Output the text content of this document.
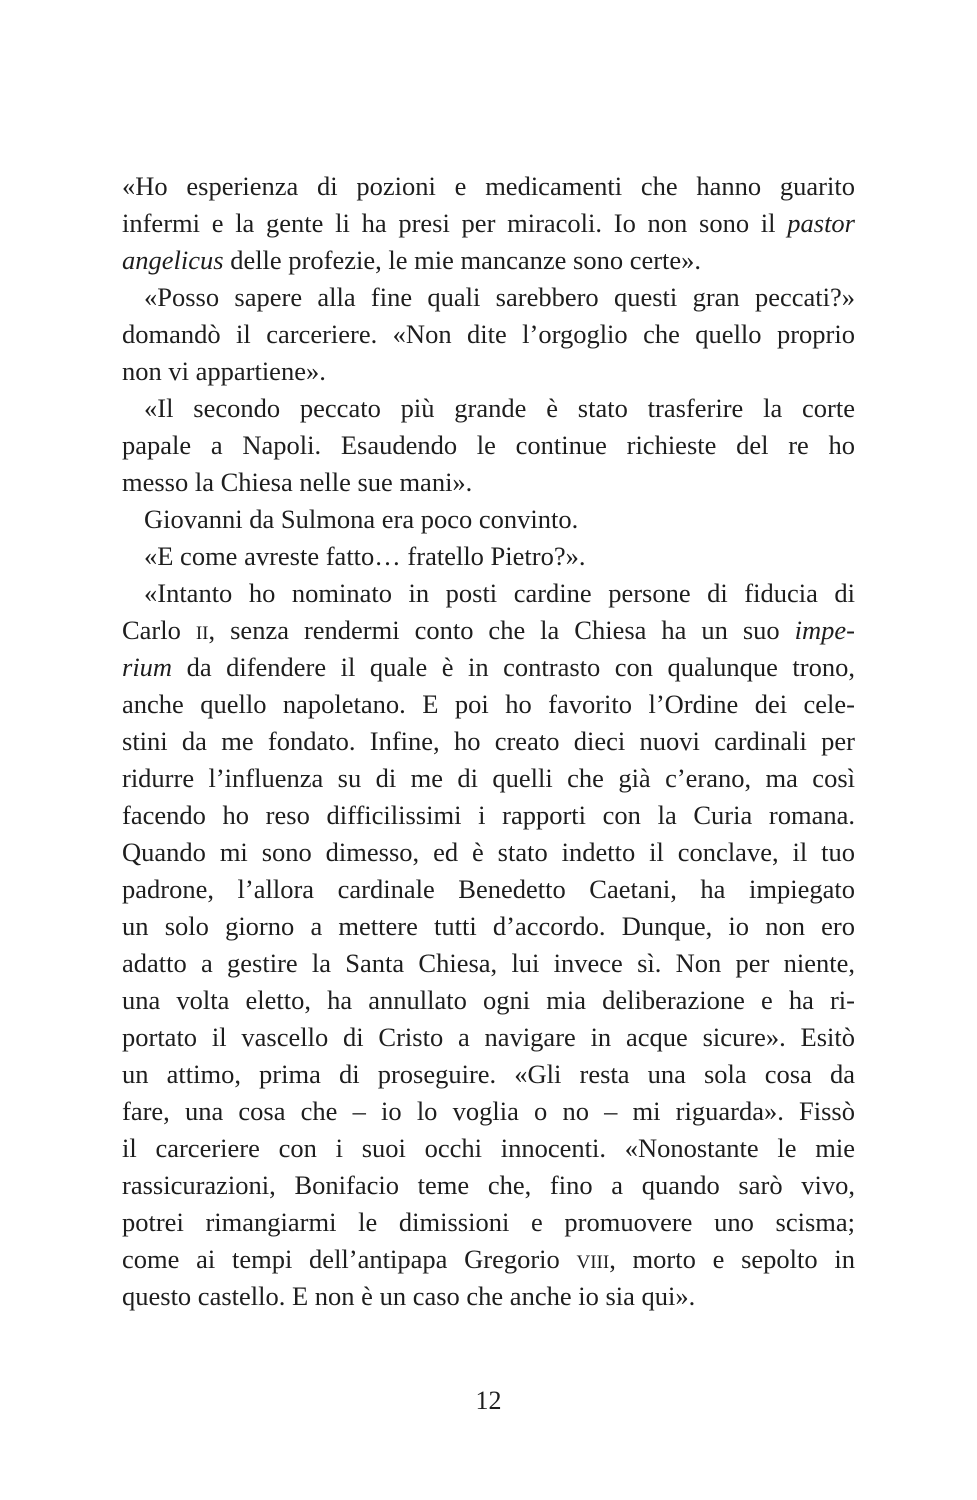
«Ho esperienza di pozioni e medicamenti che hanno guarito
infermi e la gente li ha presi per miracoli. Io non sono il pastor
angelicus delle profezie, le mie mancanze sono certe».
«Posso sapere alla fine quali sarebbero questi gran peccati?»
domandò il carceriere. «Non dite l’orgoglio che quello proprio
non vi appartiene».
«Il secondo peccato più grande è stato trasferire la corte
papale a Napoli. Esaudendo le continue richieste del re ho
messo la Chiesa nelle sue mani».
Giovanni da Sulmona era poco convinto.
«E come avreste fatto… fratello Pietro?».
«Intanto ho nominato in posti cardine persone di fiducia di
Carlo ii, senza rendermi conto che la Chiesa ha un suo impe-
rium da difendere il quale è in contrasto con qualunque trono,
anche quello napoletano. E poi ho favorito l’Ordine dei cele-
stini da me fondato. Infine, ho creato dieci nuovi cardinali per
ridurre l’influenza su di me di quelli che già c’erano, ma così
facendo ho reso difficilissimi i rapporti con la Curia romana.
Quando mi sono dimesso, ed è stato indetto il conclave, il tuo
padrone, l’allora cardinale Benedetto Caetani, ha impiegato
un solo giorno a mettere tutti d’accordo. Dunque, io non ero
adatto a gestire la Santa Chiesa, lui invece sì. Non per niente,
una volta eletto, ha annullato ogni mia deliberazione e ha ri-
portato il vascello di Cristo a navigare in acque sicure». Esitò
un attimo, prima di proseguire. «Gli resta una sola cosa da
fare, una cosa che – io lo voglia o no – mi riguarda». Fissò
il carceriere con i suoi occhi innocenti. «Nonostante le mie
rassicurazioni, Bonifacio teme che, fino a quando sarò vivo,
potrei rimangiarmi le dimissioni e promuovere uno scisma;
come ai tempi dell’antipapa Gregorio viii, morto e sepolto in
questo castello. E non è un caso che anche io sia qui».
12
